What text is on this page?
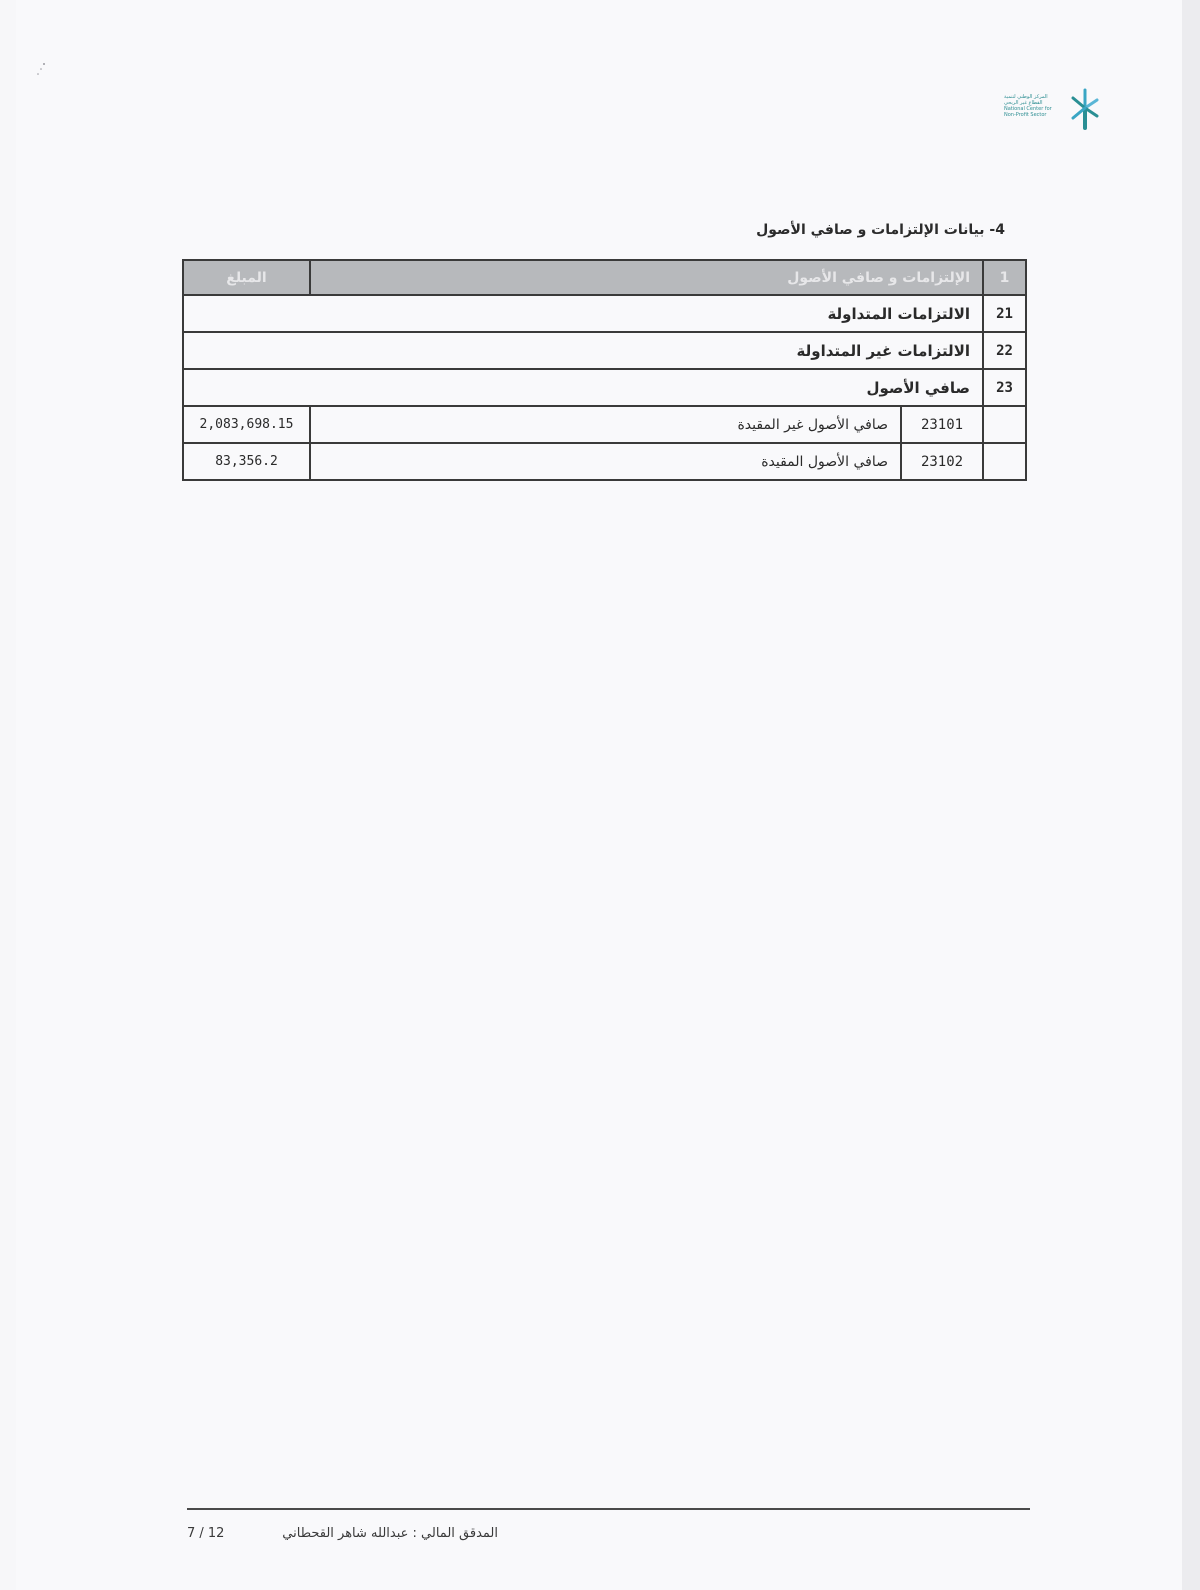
المركز الوطني لتنمية
القطاع غير الربحي
National Center for
Non-Profit Sector
4- بيانات الإلتزامات و صافي الأصول
1	الإلتزامات و صافي الأصول		المبلغ
21	الالتزامات المتداولة		
22	الالتزامات غير المتداولة		
23	صافي الأصول		
	23101	صافي الأصول غير المقيدة	2,083,698.15
	23102	صافي الأصول المقيدة	83,356.2
المدقق المالي : عبدالله شاهر القحطاني
7 / 12
